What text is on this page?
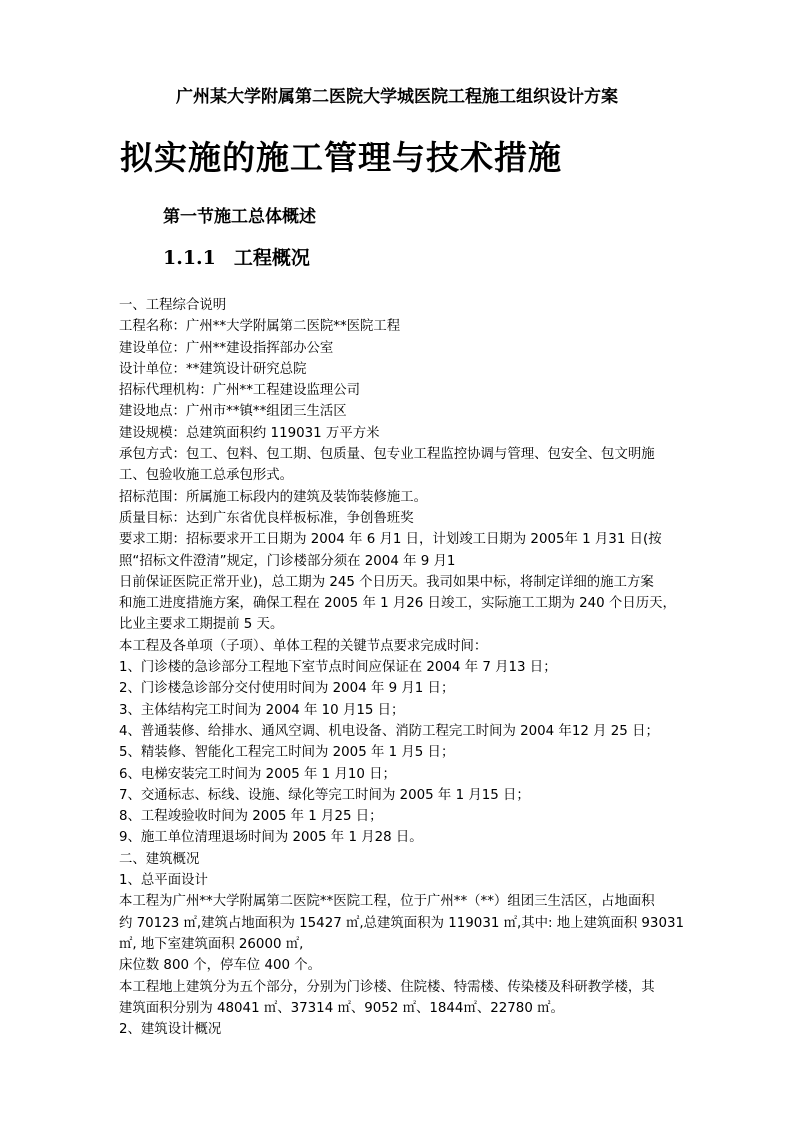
广州某大学附属第二医院大学城医院工程施工组织设计方案
拟实施的施工管理与技术措施
第一节施工总体概述
1.1.1 工程概况
一、工程综合说明
工程名称：广州**大学附属第二医院**医院工程
建设单位：广州**建设指挥部办公室
设计单位：**建筑设计研究总院
招标代理机构：广州**工程建设监理公司
建设地点：广州市**镇**组团三生活区
建设规模：总建筑面积约 119031 万平方米
承包方式：包工、包料、包工期、包质量、包专业工程监控协调与管理、包安全、包文明施
工、包验收施工总承包形式。
招标范围：所属施工标段内的建筑及装饰装修施工。
质量目标：达到广东省优良样板标准，争创鲁班奖
要求工期：招标要求开工日期为 2004 年 6 月1 日，计划竣工日期为 2005年 1 月31 日(按
照“招标文件澄清”规定，门诊楼部分须在 2004 年 9 月1
日前保证医院正常开业)，总工期为 245 个日历天。我司如果中标，将制定详细的施工方案
和施工进度措施方案，确保工程在 2005 年 1 月26 日竣工，实际施工工期为 240 个日历天，
比业主要求工期提前 5 天。
本工程及各单项（子项）、单体工程的关键节点要求完成时间：
1、门诊楼的急诊部分工程地下室节点时间应保证在 2004 年 7 月13 日；
2、门诊楼急诊部分交付使用时间为 2004 年 9 月1 日；
3、主体结构完工时间为 2004 年 10 月15 日；
4、普通装修、给排水、通风空调、机电设备、消防工程完工时间为 2004 年12 月 25 日；
5、精装修、智能化工程完工时间为 2005 年 1 月5 日；
6、电梯安装完工时间为 2005 年 1 月10 日；
7、交通标志、标线、设施、绿化等完工时间为 2005 年 1 月15 日；
8、工程竣验收时间为 2005 年 1 月25 日；
9、施工单位清理退场时间为 2005 年 1 月28 日。
二、建筑概况
1、总平面设计
本工程为广州**大学附属第二医院**医院工程，位于广州**（**）组团三生活区，占地面积
约 70123 ㎡,建筑占地面积为 15427 ㎡,总建筑面积为 119031 ㎡,其中: 地上建筑面积 93031
㎡, 地下室建筑面积 26000 ㎡,
床位数 800 个，停车位 400 个。
本工程地上建筑分为五个部分，分别为门诊楼、住院楼、特需楼、传染楼及科研教学楼，其
建筑面积分别为 48041 ㎡、37314 ㎡、9052 ㎡、1844㎡、22780 ㎡。
2、建筑设计概况
